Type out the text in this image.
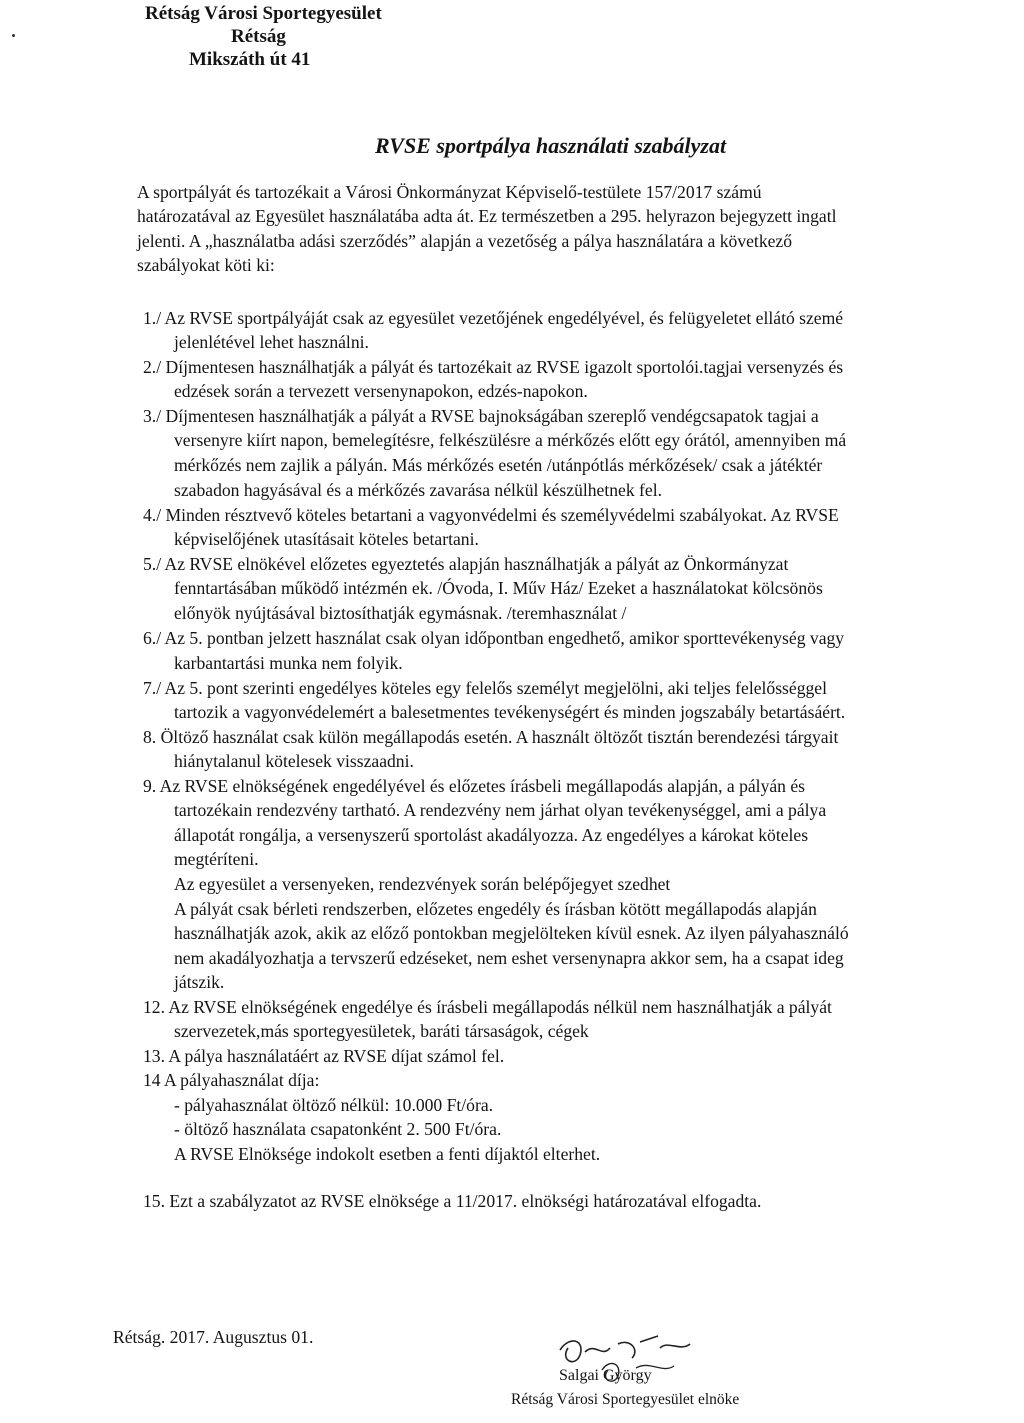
Rétság Városi Sportegyesület
Rétság
Mikszáth út 41
RVSE sportpálya használati szabályzat
A sportpályát és tartozékait a Városi Önkormányzat Képviselő-testülete 157/2017 számú
határozatával az Egyesület használatába adta át. Ez természetben a 295. helyrazon bejegyzett ingatl
jelenti. A „használatba adási szerződés” alapján a vezetőség a pálya használatára a következő
szabályokat köti ki:
1./ Az RVSE sportpályáját csak az egyesület vezetőjének engedélyével, és felügyeletet ellátó szemé
jelenlétével lehet használni.
2./ Díjmentesen használhatják a pályát és tartozékait az RVSE igazolt sportolói.tagjai versenyzés és
edzések során a tervezett versenynapokon, edzés-napokon.
3./ Díjmentesen használhatják a pályát a RVSE bajnokságában szereplő vendégcsapatok tagjai a
versenyre kiírt napon, bemelegítésre, felkészülésre a mérkőzés előtt egy órától, amennyiben má
mérkőzés nem zajlik a pályán. Más mérkőzés esetén /utánpótlás mérkőzések/ csak a játéktér
szabadon hagyásával és a mérkőzés zavarása nélkül készülhetnek fel.
4./ Minden résztvevő köteles betartani a vagyonvédelmi és személyvédelmi szabályokat. Az RVSE
képviselőjének utasításait köteles betartani.
5./ Az RVSE elnökével előzetes egyeztetés alapján használhatják a pályát az Önkormányzat
fenntartásában működő intézmén ek. /Óvoda, I. Műv Ház/ Ezeket a használatokat kölcsönös
előnyök nyújtásával biztosíthatják egymásnak. /teremhasználat /
6./ Az 5. pontban jelzett használat csak olyan időpontban engedhető, amikor sporttevékenység vagy
karbantartási munka nem folyik.
7./ Az 5. pont szerinti engedélyes köteles egy felelős személyt megjelölni, aki teljes felelősséggel
tartozik a vagyonvédelemért a balesetmentes tevékenységért és minden jogszabály betartásáért.
8. Öltöző használat csak külön megállapodás esetén. A használt öltözőt tisztán berendezési tárgyait
hiánytalanul kötelesek visszaadni.
9. Az RVSE elnökségének engedélyével és előzetes írásbeli megállapodás alapján, a pályán és
tartozékain rendezvény tartható. A rendezvény nem járhat olyan tevékenységgel, ami a pálya
állapotát rongálja, a versenyszerű sportolást akadályozza. Az engedélyes a károkat köteles
megtéríteni.
Az egyesület a versenyeken, rendezvények során belépőjegyet szedhet
A pályát csak bérleti rendszerben, előzetes engedély és írásban kötött megállapodás alapján
használhatják azok, akik az előző pontokban megjelölteken kívül esnek. Az ilyen pályahasználó
nem akadályozhatja a tervszerű edzéseket, nem eshet versenynapra akkor sem, ha a csapat ideg
játszik.
12. Az RVSE elnökségének engedélye és írásbeli megállapodás nélkül nem használhatják a pályát
szervezetek,más sportegyesületek, baráti társaságok, cégek
13. A pálya használatáért az RVSE díjat számol fel.
14 A pályahasználat díja:
- pályahasználat öltöző nélkül: 10.000 Ft/óra.
- öltöző használata csapatonként 2. 500 Ft/óra.
A RVSE Elnöksége indokolt esetben a fenti díjaktól elterhet.
15. Ezt a szabályzatot az RVSE elnöksége a 11/2017. elnökségi határozatával elfogadta.
Rétság. 2017. Augusztus 01.
Salgai György
Rétság Városi Sportegyesület elnöke
